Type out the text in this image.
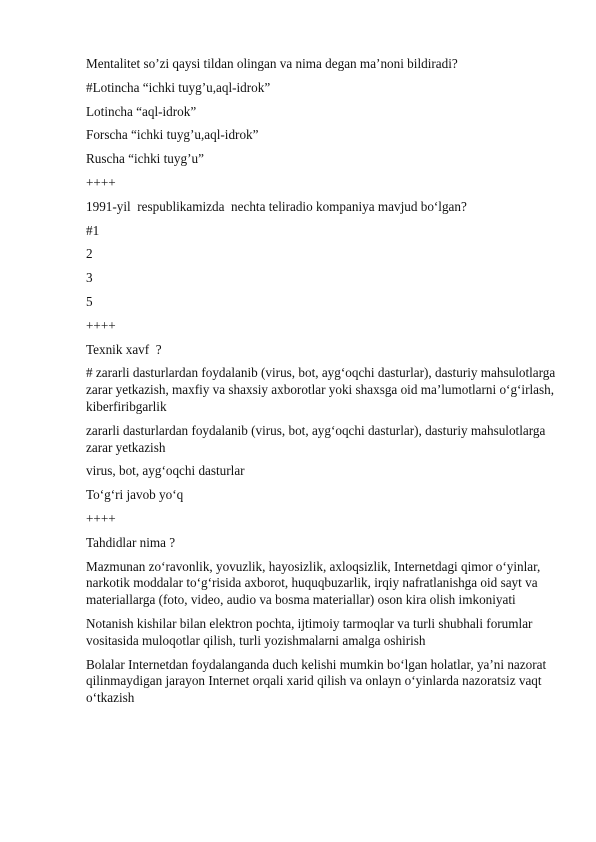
Mentalitet so’zi qaysi tildan olingan va nima degan ma’noni bildiradi?

#Lotincha “ichki tuyg’u,aql-idrok”

Lotincha “aql-idrok”

Forscha “ichki tuyg’u,aql-idrok”

Ruscha “ichki tuyg’u”

++++

1991-yil  respublikamizda  nechta teliradio kompaniya mavjud bo‘lgan?

#1

2

3

5

++++

Texnik xavf  ?

# zararli dasturlardan foydalanib (virus, bot, ayg‘oqchi dasturlar), dasturiy mahsulotlarga zarar yetkazish, maxfiy va shaxsiy axborotlar yoki shaxsga oid ma’lumotlarni o‘g‘irlash, kiberfiribgarlik

zararli dasturlardan foydalanib (virus, bot, ayg‘oqchi dasturlar), dasturiy mahsulotlarga zarar yetkazish

virus, bot, ayg‘oqchi dasturlar

To‘g‘ri javob yo‘q

++++

Tahdidlar nima ?

Mazmunan zo‘ravonlik, yovuzlik, hayosizlik, axloqsizlik, Internetdagi qimor o‘yinlar, narkotik moddalar to‘g‘risida axborot, huquqbuzarlik, irqiy nafratlanishga oid sayt va materiallarga (foto, video, audio va bosma materiallar) oson kira olish imkoniyati

Notanish kishilar bilan elektron pochta, ijtimoiy tarmoqlar va turli shubhali forumlar vositasida muloqotlar qilish, turli yozishmalarni amalga oshirish

Bolalar Internetdan foydalanganda duch kelishi mumkin bo‘lgan holatlar, ya’ni nazorat qilinmaydigan jarayon Internet orqali xarid qilish va onlayn o‘yinlarda nazoratsiz vaqt o‘tkazish
